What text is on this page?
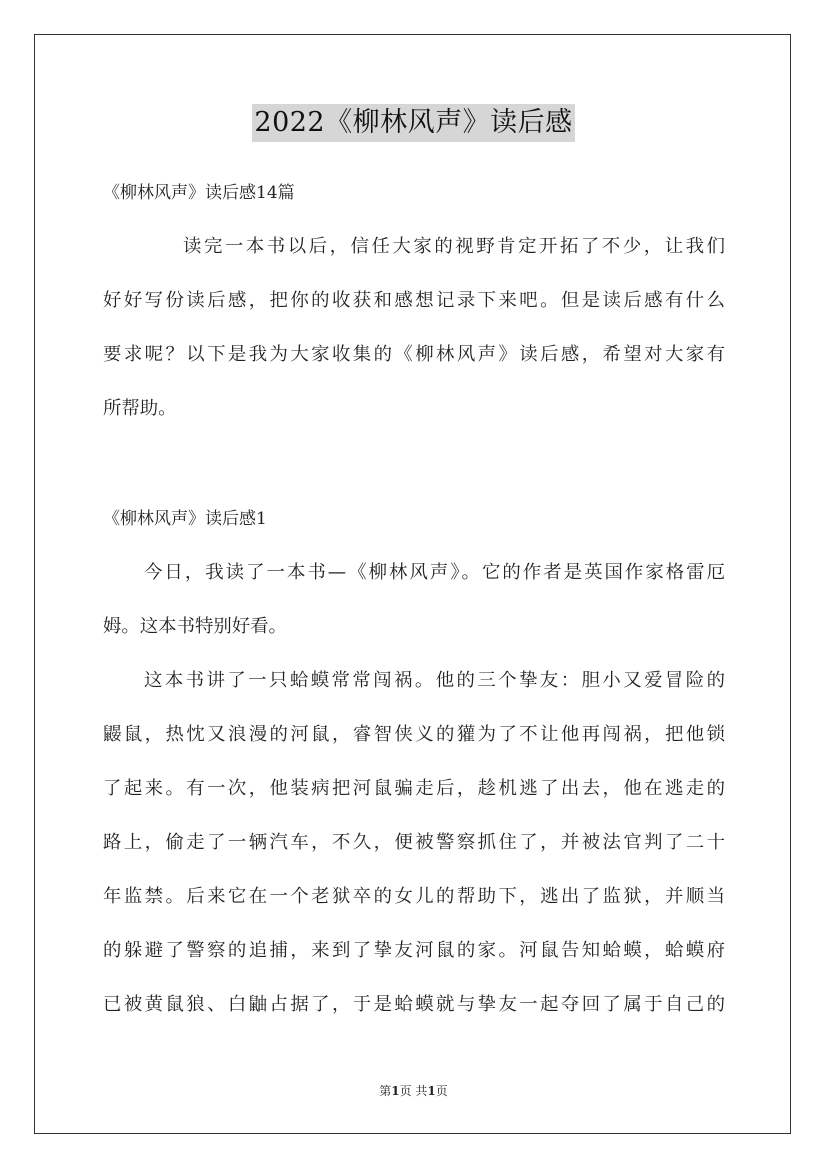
2022《柳林风声》读后感
《柳林风声》读后感14篇
读完一本书以后，信任大家的视野肯定开拓了不少，让我们
好好写份读后感，把你的收获和感想记录下来吧。但是读后感有什么
要求呢？以下是我为大家收集的《柳林风声》读后感，希望对大家有
所帮助。
《柳林风声》读后感1
今日，我读了一本书—《柳林风声》。它的作者是英国作家格雷厄
姆。这本书特别好看。
这本书讲了一只蛤蟆常常闯祸。他的三个挚友：胆小又爱冒险的
鼹鼠，热忱又浪漫的河鼠，睿智侠义的獾为了不让他再闯祸，把他锁
了起来。有一次，他装病把河鼠骗走后，趁机逃了出去，他在逃走的
路上，偷走了一辆汽车，不久，便被警察抓住了，并被法官判了二十
年监禁。后来它在一个老狱卒的女儿的帮助下，逃出了监狱，并顺当
的躲避了警察的追捕，来到了挚友河鼠的家。河鼠告知蛤蟆，蛤蟆府
已被黄鼠狼、白鼬占据了，于是蛤蟆就与挚友一起夺回了属于自己的
第1页 共1页
